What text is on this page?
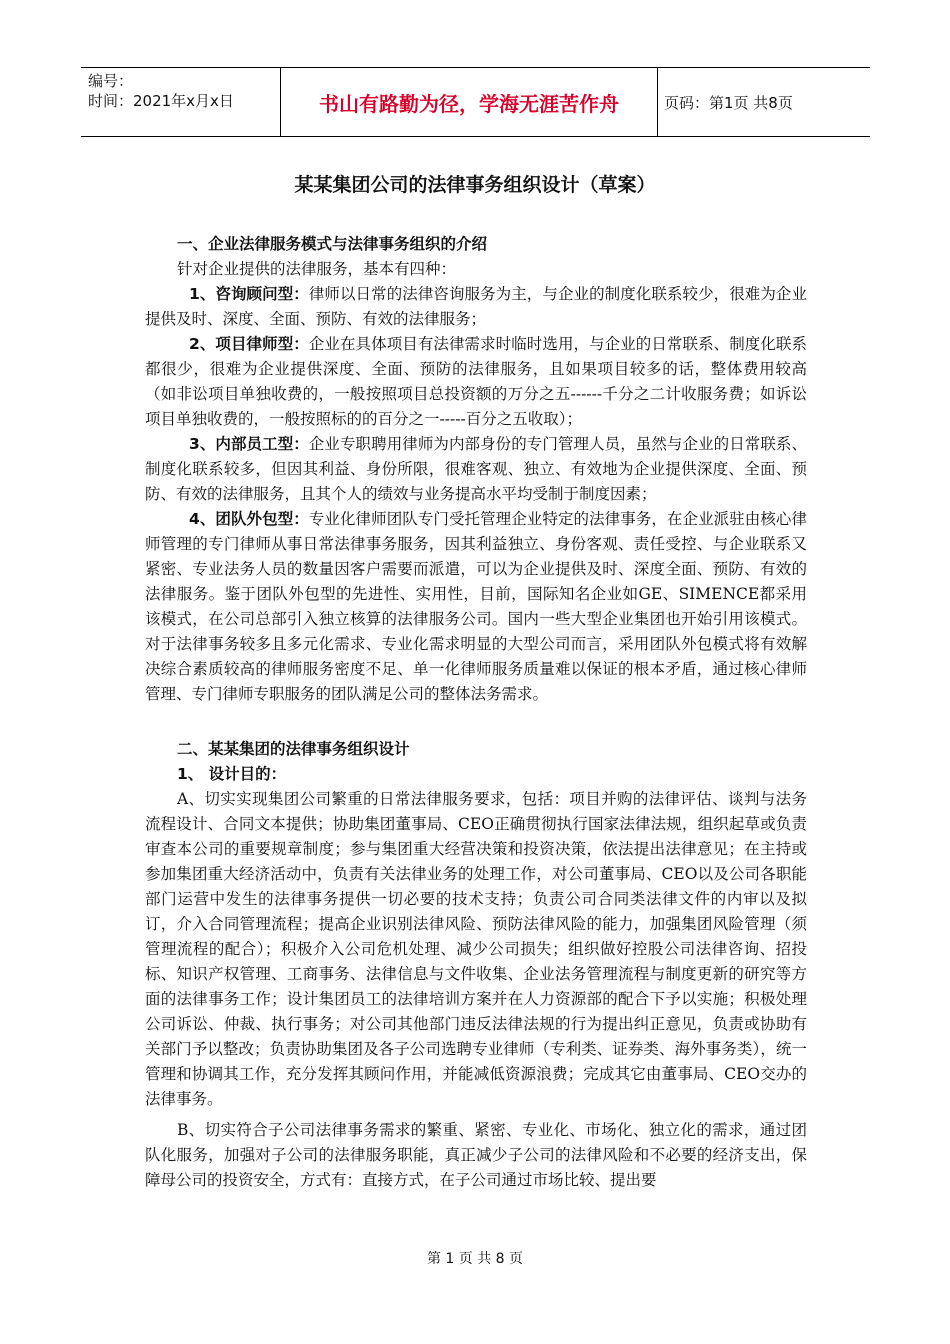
编号：
时间：2021年x月x日	书山有路勤为径，学海无涯苦作舟	页码：第1页 共8页
某某集团公司的法律事务组织设计（草案）

一、企业法律服务模式与法律事务组织的介绍

针对企业提供的法律服务，基本有四种：

1、咨询顾问型：律师以日常的法律咨询服务为主，与企业的制度化联系较少，很难为企业提供及时、深度、全面、预防、有效的法律服务；

2、项目律师型：企业在具体项目有法律需求时临时选用，与企业的日常联系、制度化联系都很少，很难为企业提供深度、全面、预防的法律服务，且如果项目较多的话，整体费用较高（如非讼项目单独收费的，一般按照项目总投资额的万分之五------千分之二计收服务费；如诉讼项目单独收费的，一般按照标的的百分之一-----百分之五收取）；

3、内部员工型：企业专职聘用律师为内部身份的专门管理人员，虽然与企业的日常联系、制度化联系较多，但因其利益、身份所限，很难客观、独立、有效地为企业提供深度、全面、预防、有效的法律服务，且其个人的绩效与业务提高水平均受制于制度因素；

4、团队外包型：专业化律师团队专门受托管理企业特定的法律事务，在企业派驻由核心律师管理的专门律师从事日常法律事务服务，因其利益独立、身份客观、责任受控、与企业联系又紧密、专业法务人员的数量因客户需要而派遣，可以为企业提供及时、深度全面、预防、有效的法律服务。鉴于团队外包型的先进性、实用性，目前，国际知名企业如GE、SIMENCE都采用该模式，在公司总部引入独立核算的法律服务公司。国内一些大型企业集团也开始引用该模式。对于法律事务较多且多元化需求、专业化需求明显的大型公司而言，采用团队外包模式将有效解决综合素质较高的律师服务密度不足、单一化律师服务质量难以保证的根本矛盾，通过核心律师管理、专门律师专职服务的团队满足公司的整体法务需求。

二、某某集团的法律事务组织设计

1、 设计目的：

A、切实实现集团公司繁重的日常法律服务要求，包括：项目并购的法律评估、谈判与法务流程设计、合同文本提供；协助集团董事局、CEO正确贯彻执行国家法律法规，组织起草或负责审查本公司的重要规章制度；参与集团重大经营决策和投资决策，依法提出法律意见；在主持或参加集团重大经济活动中，负责有关法律业务的处理工作，对公司董事局、CEO以及公司各职能部门运营中发生的法律事务提供一切必要的技术支持；负责公司合同类法律文件的内审以及拟订，介入合同管理流程；提高企业识别法律风险、预防法律风险的能力，加强集团风险管理（须管理流程的配合）；积极介入公司危机处理、减少公司损失；组织做好控股公司法律咨询、招投标、知识产权管理、工商事务、法律信息与文件收集、企业法务管理流程与制度更新的研究等方面的法律事务工作；设计集团员工的法律培训方案并在人力资源部的配合下予以实施；积极处理公司诉讼、仲裁、执行事务；对公司其他部门违反法律法规的行为提出纠正意见，负责或协助有关部门予以整改；负责协助集团及各子公司选聘专业律师（专利类、证券类、海外事务类），统一管理和协调其工作，充分发挥其顾问作用，并能减低资源浪费；完成其它由董事局、CEO交办的法律事务。

B、切实符合子公司法律事务需求的繁重、紧密、专业化、市场化、独立化的需求，通过团队化服务，加强对子公司的法律服务职能，真正减少子公司的法律风险和不必要的经济支出，保障母公司的投资安全，方式有：直接方式，在子公司通过市场比较、提出要

第 1 页 共 8 页
